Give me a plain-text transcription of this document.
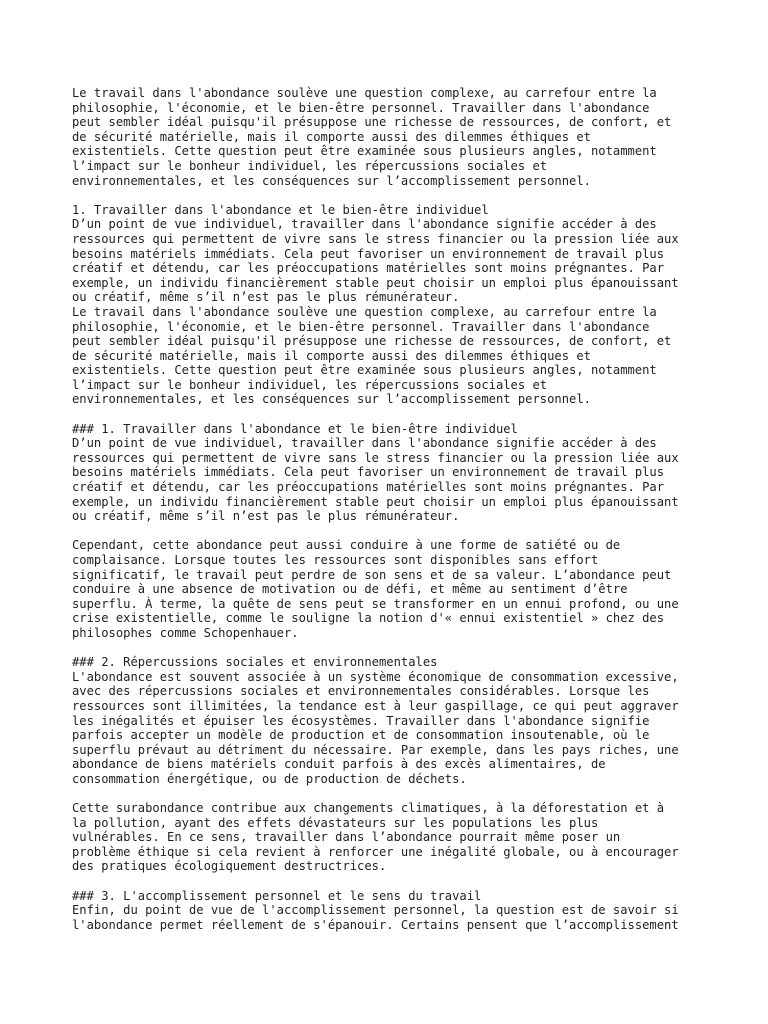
Le travail dans l'abondance soulève une question complexe, au carrefour entre la
philosophie, l'économie, et le bien-être personnel. Travailler dans l'abondance
peut sembler idéal puisqu'il présuppose une richesse de ressources, de confort, et
de sécurité matérielle, mais il comporte aussi des dilemmes éthiques et
existentiels. Cette question peut être examinée sous plusieurs angles, notamment
l’impact sur le bonheur individuel, les répercussions sociales et
environnementales, et les conséquences sur l’accomplissement personnel.
1. Travailler dans l'abondance et le bien-être individuel
D’un point de vue individuel, travailler dans l'abondance signifie accéder à des
ressources qui permettent de vivre sans le stress financier ou la pression liée aux
besoins matériels immédiats. Cela peut favoriser un environnement de travail plus
créatif et détendu, car les préoccupations matérielles sont moins prégnantes. Par
exemple, un individu financièrement stable peut choisir un emploi plus épanouissant
ou créatif, même s’il n’est pas le plus rémunérateur.
Le travail dans l'abondance soulève une question complexe, au carrefour entre la
philosophie, l'économie, et le bien-être personnel. Travailler dans l'abondance
peut sembler idéal puisqu'il présuppose une richesse de ressources, de confort, et
de sécurité matérielle, mais il comporte aussi des dilemmes éthiques et
existentiels. Cette question peut être examinée sous plusieurs angles, notamment
l’impact sur le bonheur individuel, les répercussions sociales et
environnementales, et les conséquences sur l’accomplissement personnel.
### 1. Travailler dans l'abondance et le bien-être individuel
D’un point de vue individuel, travailler dans l'abondance signifie accéder à des
ressources qui permettent de vivre sans le stress financier ou la pression liée aux
besoins matériels immédiats. Cela peut favoriser un environnement de travail plus
créatif et détendu, car les préoccupations matérielles sont moins prégnantes. Par
exemple, un individu financièrement stable peut choisir un emploi plus épanouissant
ou créatif, même s’il n’est pas le plus rémunérateur.
Cependant, cette abondance peut aussi conduire à une forme de satiété ou de
complaisance. Lorsque toutes les ressources sont disponibles sans effort
significatif, le travail peut perdre de son sens et de sa valeur. L’abondance peut
conduire à une absence de motivation ou de défi, et même au sentiment d’être
superflu. À terme, la quête de sens peut se transformer en un ennui profond, ou une
crise existentielle, comme le souligne la notion d'« ennui existentiel » chez des
philosophes comme Schopenhauer.
### 2. Répercussions sociales et environnementales
L'abondance est souvent associée à un système économique de consommation excessive,
avec des répercussions sociales et environnementales considérables. Lorsque les
ressources sont illimitées, la tendance est à leur gaspillage, ce qui peut aggraver
les inégalités et épuiser les écosystèmes. Travailler dans l'abondance signifie
parfois accepter un modèle de production et de consommation insoutenable, où le
superflu prévaut au détriment du nécessaire. Par exemple, dans les pays riches, une
abondance de biens matériels conduit parfois à des excès alimentaires, de
consommation énergétique, ou de production de déchets.
Cette surabondance contribue aux changements climatiques, à la déforestation et à
la pollution, ayant des effets dévastateurs sur les populations les plus
vulnérables. En ce sens, travailler dans l’abondance pourrait même poser un
problème éthique si cela revient à renforcer une inégalité globale, ou à encourager
des pratiques écologiquement destructrices.
### 3. L'accomplissement personnel et le sens du travail
Enfin, du point de vue de l'accomplissement personnel, la question est de savoir si
l'abondance permet réellement de s'épanouir. Certains pensent que l’accomplissement
